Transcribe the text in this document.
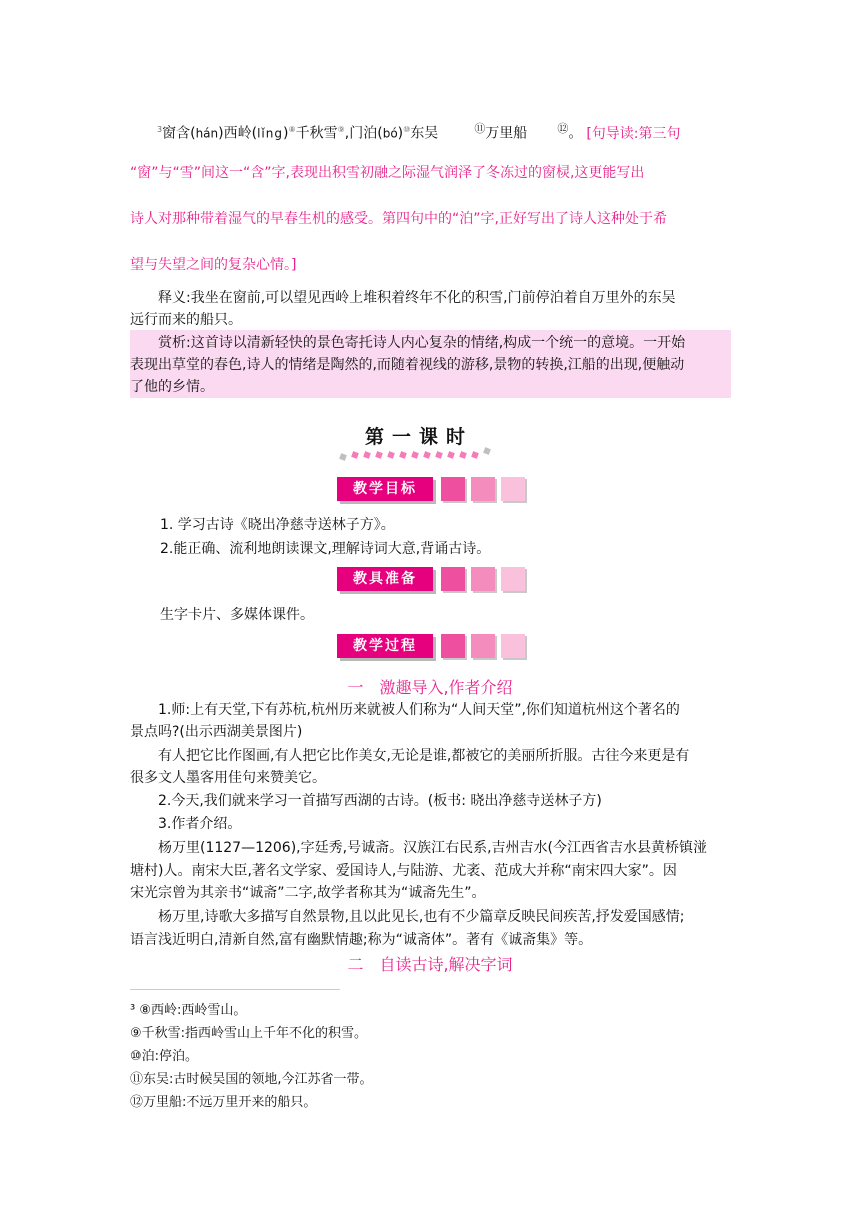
$^3$窗含(hán)西岭(lǐng)⑧千秋雪⑨,门泊(bó)⑩东吴	⑪万里船	⑫。 [句导读:第三句
“窗”与“雪”间这一“含”字,表现出积雪初融之际湿气润泽了冬冻过的窗棂,这更能写出
诗人对那种带着湿气的早春生机的感受。第四句中的“泊”字,正好写出了诗人这种处于希
望与失望之间的复杂心情。]
释义:我坐在窗前,可以望见西岭上堆积着终年不化的积雪,门前停泊着自万里外的东吴
远行而来的船只。
赏析:这首诗以清新轻快的景色寄托诗人内心复杂的情绪,构成一个统一的意境。一开始
表现出草堂的春色,诗人的情绪是陶然的,而随着视线的游移,景物的转换,江船的出现,便触动
了他的乡情。
第一课时
教学目标
1. 学习古诗《晓出净慈寺送林子方》。
2.能正确、流利地朗读课文,理解诗词大意,背诵古诗。
教具准备
生字卡片、多媒体课件。
教学过程
一　激趣导入,作者介绍
1.师:上有天堂,下有苏杭,杭州历来就被人们称为“人间天堂”,你们知道杭州这个著名的
景点吗?(出示西湖美景图片)
有人把它比作图画,有人把它比作美女,无论是谁,都被它的美丽所折服。古往今来更是有
很多文人墨客用佳句来赞美它。
2.今天,我们就来学习一首描写西湖的古诗。(板书: 晓出净慈寺送林子方)
3.作者介绍。
杨万里(1127—1206),字廷秀,号诚斋。汉族江右民系,吉州吉水(今江西省吉水县黄桥镇湴
塘村)人。南宋大臣,著名文学家、爱国诗人,与陆游、尤袤、范成大并称“南宋四大家”。因
宋光宗曾为其亲书“诚斋”二字,故学者称其为“诚斋先生”。
杨万里,诗歌大多描写自然景物,且以此见长,也有不少篇章反映民间疾苦,抒发爱国感情;
语言浅近明白,清新自然,富有幽默情趣;称为“诚斋体”。著有《诚斋集》等。
二　自读古诗,解决字词
³ ⑧西岭:西岭雪山。
⑨千秋雪:指西岭雪山上千年不化的积雪。
⑩泊:停泊。
⑪东吴:古时候吴国的领地,今江苏省一带。
⑫万里船:不远万里开来的船只。
